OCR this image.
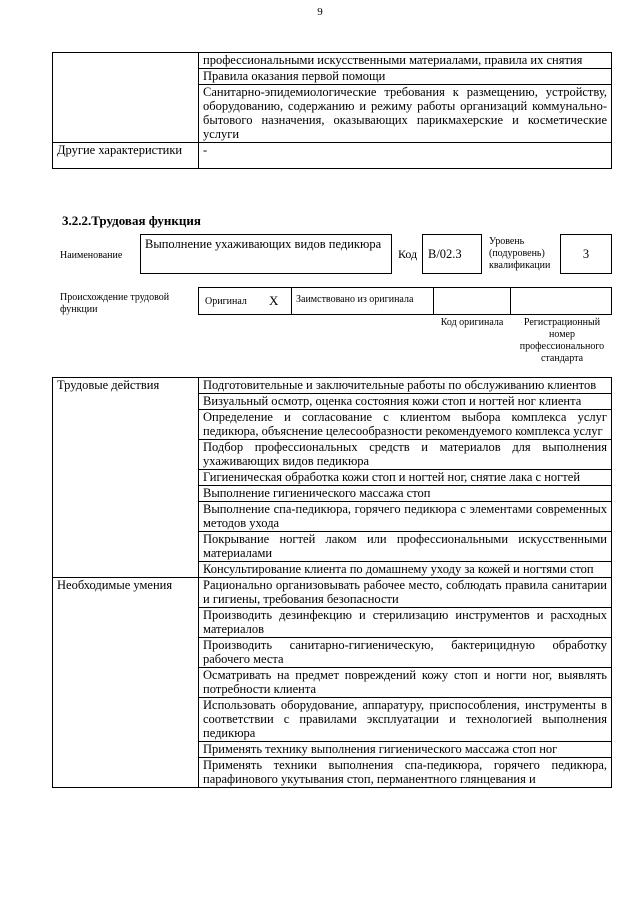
9
	профессиональными искусственными материалами, правила их снятия
	Правила оказания первой помощи
	Санитарно-эпидемиологические требования к размещению, устройству, оборудованию, содержанию и режиму работы организаций коммунально-бытового назначения, оказывающих парикмахерские и косметические услуги
Другие характеристики	-
3.2.2.Трудовая функция
Наименование
Выполнение ухаживающих видов педикюра
Код B/02.3
Уровень (подуровень) квалификации
3
Происхождение трудовой функции
Оригинал X Заимствовано из оригинала
Код оригинала	Регистрационный номер профессионального стандарта
Трудовые действия	Подготовительные и заключительные работы по обслуживанию клиентов
	Визуальный осмотр, оценка состояния кожи стоп и ногтей ног клиента
	Определение и согласование с клиентом выбора комплекса услуг педикюра, объяснение целесообразности рекомендуемого комплекса услуг
	Подбор профессиональных средств и материалов для выполнения ухаживающих видов педикюра
	Гигиеническая обработка кожи стоп и ногтей ног, снятие лака с ногтей
	Выполнение гигиенического массажа стоп
	Выполнение спа-педикюра, горячего педикюра с элементами современных методов ухода
	Покрывание ногтей лаком или профессиональными искусственными материалами
	Консультирование клиента по домашнему уходу за кожей и ногтями стоп
Необходимые умения	Рационально организовывать рабочее место, соблюдать правила санитарии и гигиены, требования безопасности
	Производить дезинфекцию и стерилизацию инструментов и расходных материалов
	Производить санитарно-гигиеническую, бактерицидную обработку рабочего места
	Осматривать на предмет повреждений кожу стоп и ногти ног, выявлять потребности клиента
	Использовать оборудование, аппаратуру, приспособления, инструменты в соответствии с правилами эксплуатации и технологией выполнения педикюра
	Применять технику выполнения гигиенического массажа стоп ног
	Применять техники выполнения спа-педикюра, горячего педикюра, парафинового укутывания стоп, перманентного глянцевания и
